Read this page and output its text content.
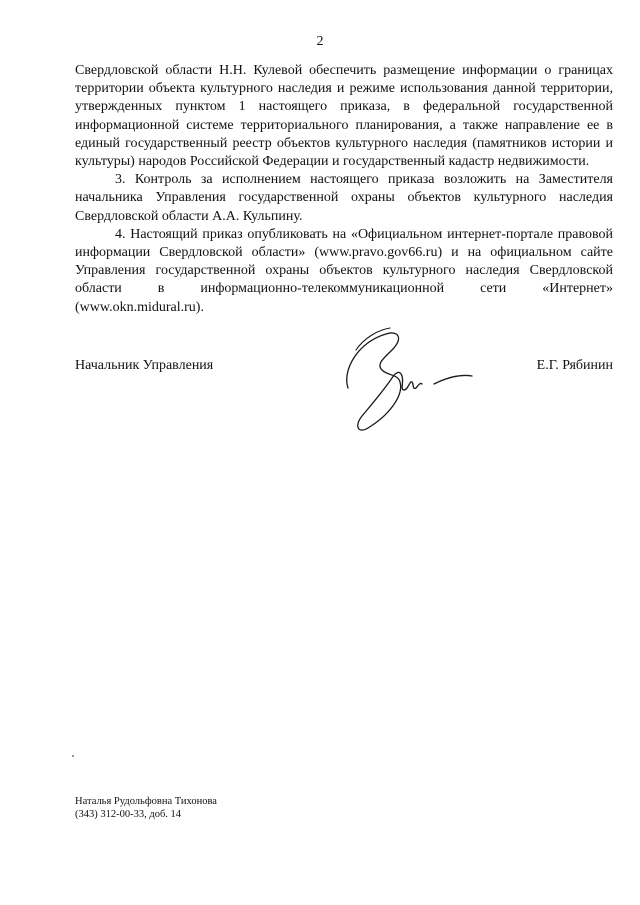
2

Свердловской области Н.Н. Кулевой обеспечить размещение информации о границах территории объекта культурного наследия и режиме использования данной территории, утвержденных пунктом 1 настоящего приказа, в федеральной государственной информационной системе территориального планирования, а также направление ее в единый государственный реестр объектов культурного наследия (памятников истории и культуры) народов Российской Федерации и государственный кадастр недвижимости.

3. Контроль за исполнением настоящего приказа возложить на Заместителя начальника Управления государственной охраны объектов культурного наследия Свердловской области А.А. Кульпину.

4. Настоящий приказ опубликовать на «Официальном интернет-портале правовой информации Свердловской области» (www.pravo.gov66.ru) и на официальном сайте Управления государственной охраны объектов культурного наследия Свердловской области в информационно-телекоммуникационной сети «Интернет» (www.okn.midural.ru).

Начальник Управления	Е.Г. Рябинин
Наталья Рудольфовна Тихонова
(343) 312-00-33, доб. 14
